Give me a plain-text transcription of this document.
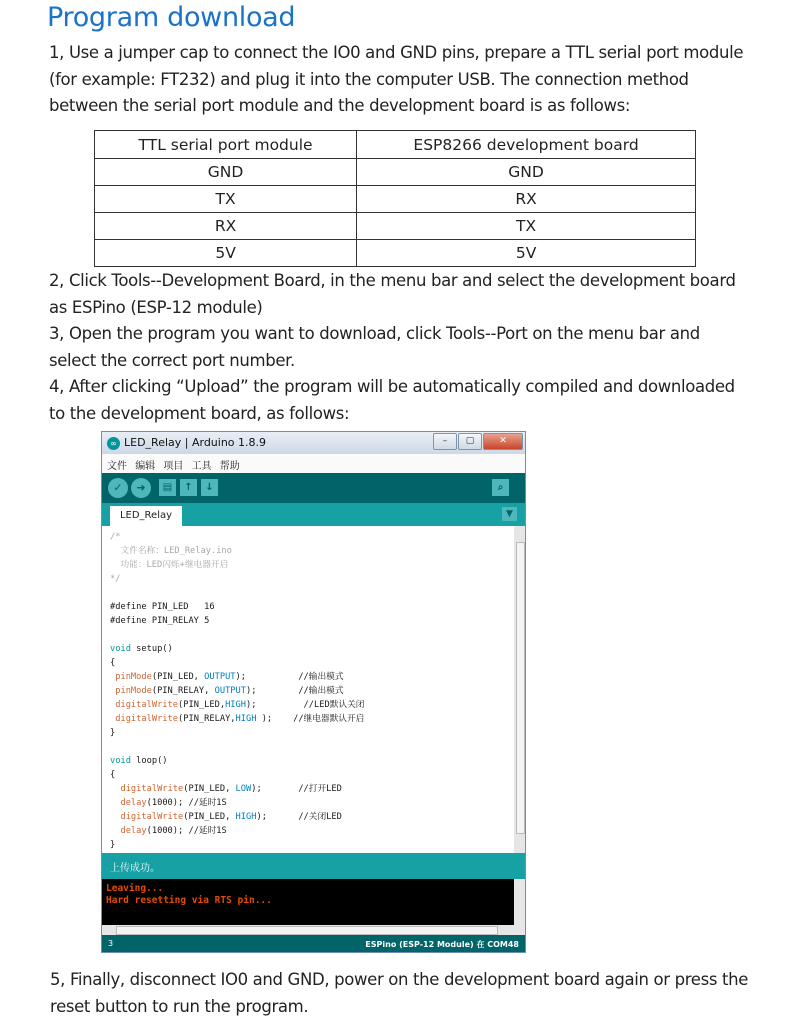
Program download
1, Use a jumper cap to connect the IO0 and GND pins, prepare a TTL serial port module (for example: FT232) and plug it into the computer USB. The connection method between the serial port module and the development board is as follows:
TTL serial port module	ESP8266 development board
GND	GND
TX	RX
RX	TX
5V	5V
2, Click Tools--Development Board, in the menu bar and select the development board as ESPino (ESP-12 module)
3, Open the program you want to download, click Tools--Port on the menu bar and select the correct port number.
4, After clicking “Upload” the program will be automatically compiled and downloaded to the development board, as follows:
∞ LED_Relay | Arduino 1.8.9	–	▢	✕
文件 编辑 项目 工具 帮助
✓	➜	▤	↑	↓	⌕
LED_Relay	▼
/*
文件名称：LED_Relay.ino
功能：LED闪烁+继电器开启
*/

#define PIN_LED   16
#define PIN_RELAY 5

void setup()
{
pinMode(PIN_LED, OUTPUT);          //输出模式
pinMode(PIN_RELAY, OUTPUT);        //输出模式
digitalWrite(PIN_LED,HIGH);         //LED默认关闭
digitalWrite(PIN_RELAY,HIGH );    //继电器默认开启
}

void loop()
{
digitalWrite(PIN_LED, LOW);       //打开LED
delay(1000); //延时1S
digitalWrite(PIN_LED, HIGH);      //关闭LED
delay(1000); //延时1S
}
上传成功。
Leaving...
Hard resetting via RTS pin...
3	ESPino (ESP-12 Module) 在 COM48
5, Finally, disconnect IO0 and GND, power on the development board again or press the reset button to run the program.
